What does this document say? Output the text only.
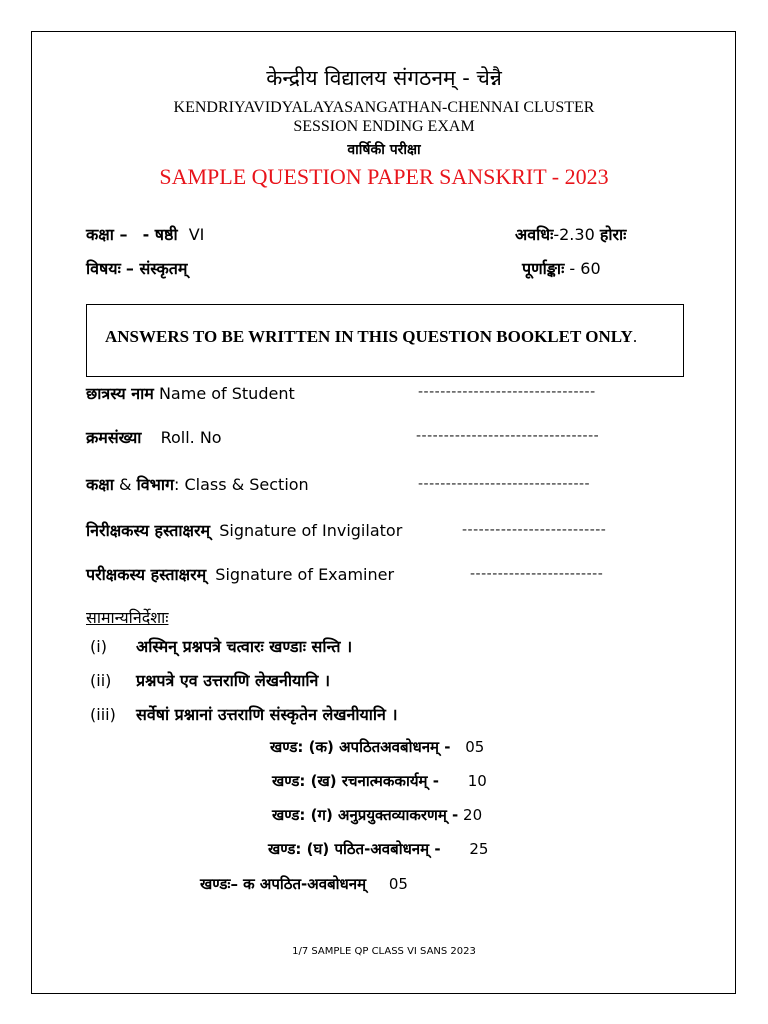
केन्द्रीय विद्यालय संगठनम् - चेन्नै
KENDRIYAVIDYALAYASANGATHAN-CHENNAI CLUSTER
SESSION ENDING EXAM
वार्षिकी परीक्षा
SAMPLE QUESTION PAPER SANSKRIT - 2023
कक्षा – - षष्ठी VI	अवधिः-2.30 होराः
विषयः – संस्कृतम्	पूर्णाङ्काः - 60
ANSWERS TO BE WRITTEN IN THIS QUESTION BOOKLET ONLY.
छात्रस्य नाम Name of Student	--------------------------------
क्रमसंख्या Roll. No	---------------------------------
कक्षा & विभाग: Class & Section	-------------------------------
निरीक्षकस्य हस्ताक्षरम् Signature of Invigilator	--------------------------
परीक्षकस्य हस्ताक्षरम् Signature of Examiner	------------------------
सामान्यनिर्देशाः
(i) अस्मिन् प्रश्नपत्रे चत्वारः खण्डाः सन्ति ।
(ii) प्रश्नपत्रे एव उत्तराणि लेखनीयानि ।
(iii) सर्वेषां प्रश्नानां उत्तराणि संस्कृतेन लेखनीयानि ।
खण्ड: (क) अपठितअवबोधनम् - 05
खण्ड: (ख) रचनात्मककार्यम् - 10
खण्ड: (ग) अनुप्रयुक्तव्याकरणम् - 20
खण्ड: (घ) पठित-अवबोधनम् - 25
खण्डः– क अपठित-अवबोधनम् 05
1/7 SAMPLE QP CLASS VI SANS 2023
